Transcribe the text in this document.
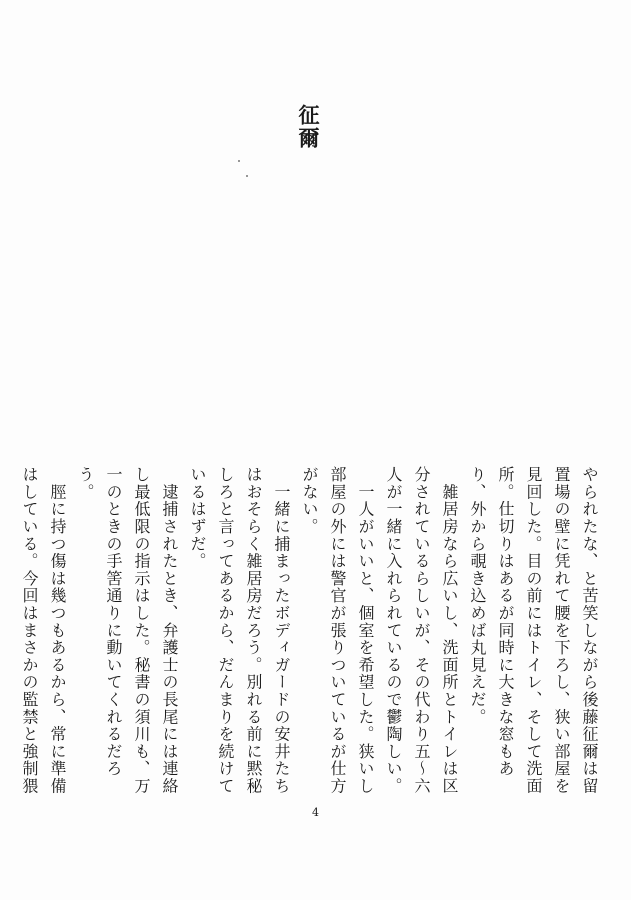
征爾

やられたな、と苦笑しながら後藤征爾は留置場の壁に凭れて腰を下ろし、狭い部屋を見回した。目の前にはトイレ、そして洗面所。仕切りはあるが同時に大きな窓もあり、外から覗き込めば丸見えだ。

　雑居房なら広いし、洗面所とトイレは区分されているらしいが、その代わり五〜六人が一緒に入れられているので鬱陶しい。

　一人がいいと、個室を希望した。狭いし部屋の外には警官が張りついているが仕方がない。

　一緒に捕まったボディガードの安井たちはおそらく雑居房だろう。別れる前に黙秘しろと言ってあるから、だんまりを続けているはずだ。

　逮捕されたとき、弁護士の長尾には連絡し最低限の指示はした。秘書の須川も、万一のときの手筈通りに動いてくれるだろう。

　脛に持つ傷は幾つもあるから、常に準備はしている。今回はまさかの監禁と強制猥

4
